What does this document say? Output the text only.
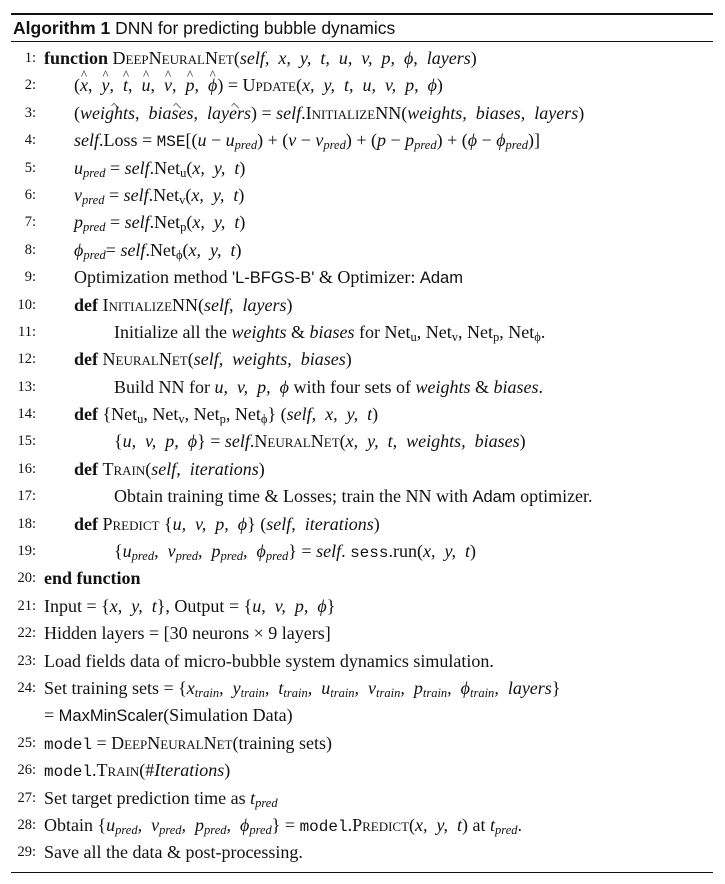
Algorithm 1 DNN for predicting bubble dynamics
1: function DeepNeuralNet(self,  x,  y,  t,  u,  v,  p,  ϕ,  layers)
2: (^ x,  ^ y,  ^ t,  ^ u,  ^ v,  ^ p,  ^ ϕ) = Update(x,  y,  t,  u,  v,  p,  ϕ)
3: (weights,  biases,  layers) = self.InitializeNN(weights,  biases,  layers)
4: self.Loss = $MSE[(u - u_{pred}) + (v - v_{pred}) + (p - p_{pred}) + (\phi - \phi_{pred})]$
5: $u_{pred}$ = self.Net$_u$(x,  y,  t)
6: $v_{pred}$ = self.Net$_v$(x,  y,  t)
7: $p_{pred}$ = self.Net$_p$(x,  y,  t)
8: $\phi_{pred}=$ self.Net$_\phi$(x,  y,  t)
9: Optimization method 'L-BFGS-B' & Optimizer: Adam
10: def InitializeNN(self,  layers)
11:	Initialize all the weights & biases for Net$_u$, Net$_v$, Net$_p$, Net$_\phi$.
12: def NeuralNet(self,  weights,  biases)
13:	Build NN for u,  v,  p,  ϕ with four sets of weights & biases.
14: def {Net$_u$, Net$_v$, Net$_p$, Net$_\phi$} (self,  x,  y,  t)
15:	{u,  v,  p,  ϕ} = self.NeuralNet(x,  y,  t,  weights,  biases)
16: def Train(self,  iterations)
17:	Obtain training time & Losses; train the NN with Adam optimizer.
18: def Predict {u,  v,  p,  ϕ} (self,  iterations)
19:	{$u_{pred}$,  $v_{pred}$,  $p_{pred}$,  $\phi_{pred}$} = self. sess.run(x,  y,  t)
20: end function
21: Input = {x,  y,  t}, Output = {u,  v,  p,  ϕ}
22: Hidden layers = [30 neurons × 9 layers]
23: Load fields data of micro-bubble system dynamics simulation.
24: Set training sets = {$x_{train}$,  $y_{train}$,  $t_{train}$,  $u_{train}$,  $v_{train}$,  $p_{train}$,  $\phi_{train}$,  layers}
= MaxMinScaler(Simulation Data)
25: model = DeepNeuralNet(training sets)
26: model.Train(#Iterations)
27: Set target prediction time as $t_{pred}$
28: Obtain {$u_{pred}$,  $v_{pred}$,  $p_{pred}$,  $\phi_{pred}$} = model.Predict(x,  y,  t) at $t_{pred}$.
29: Save all the data & post-processing.
